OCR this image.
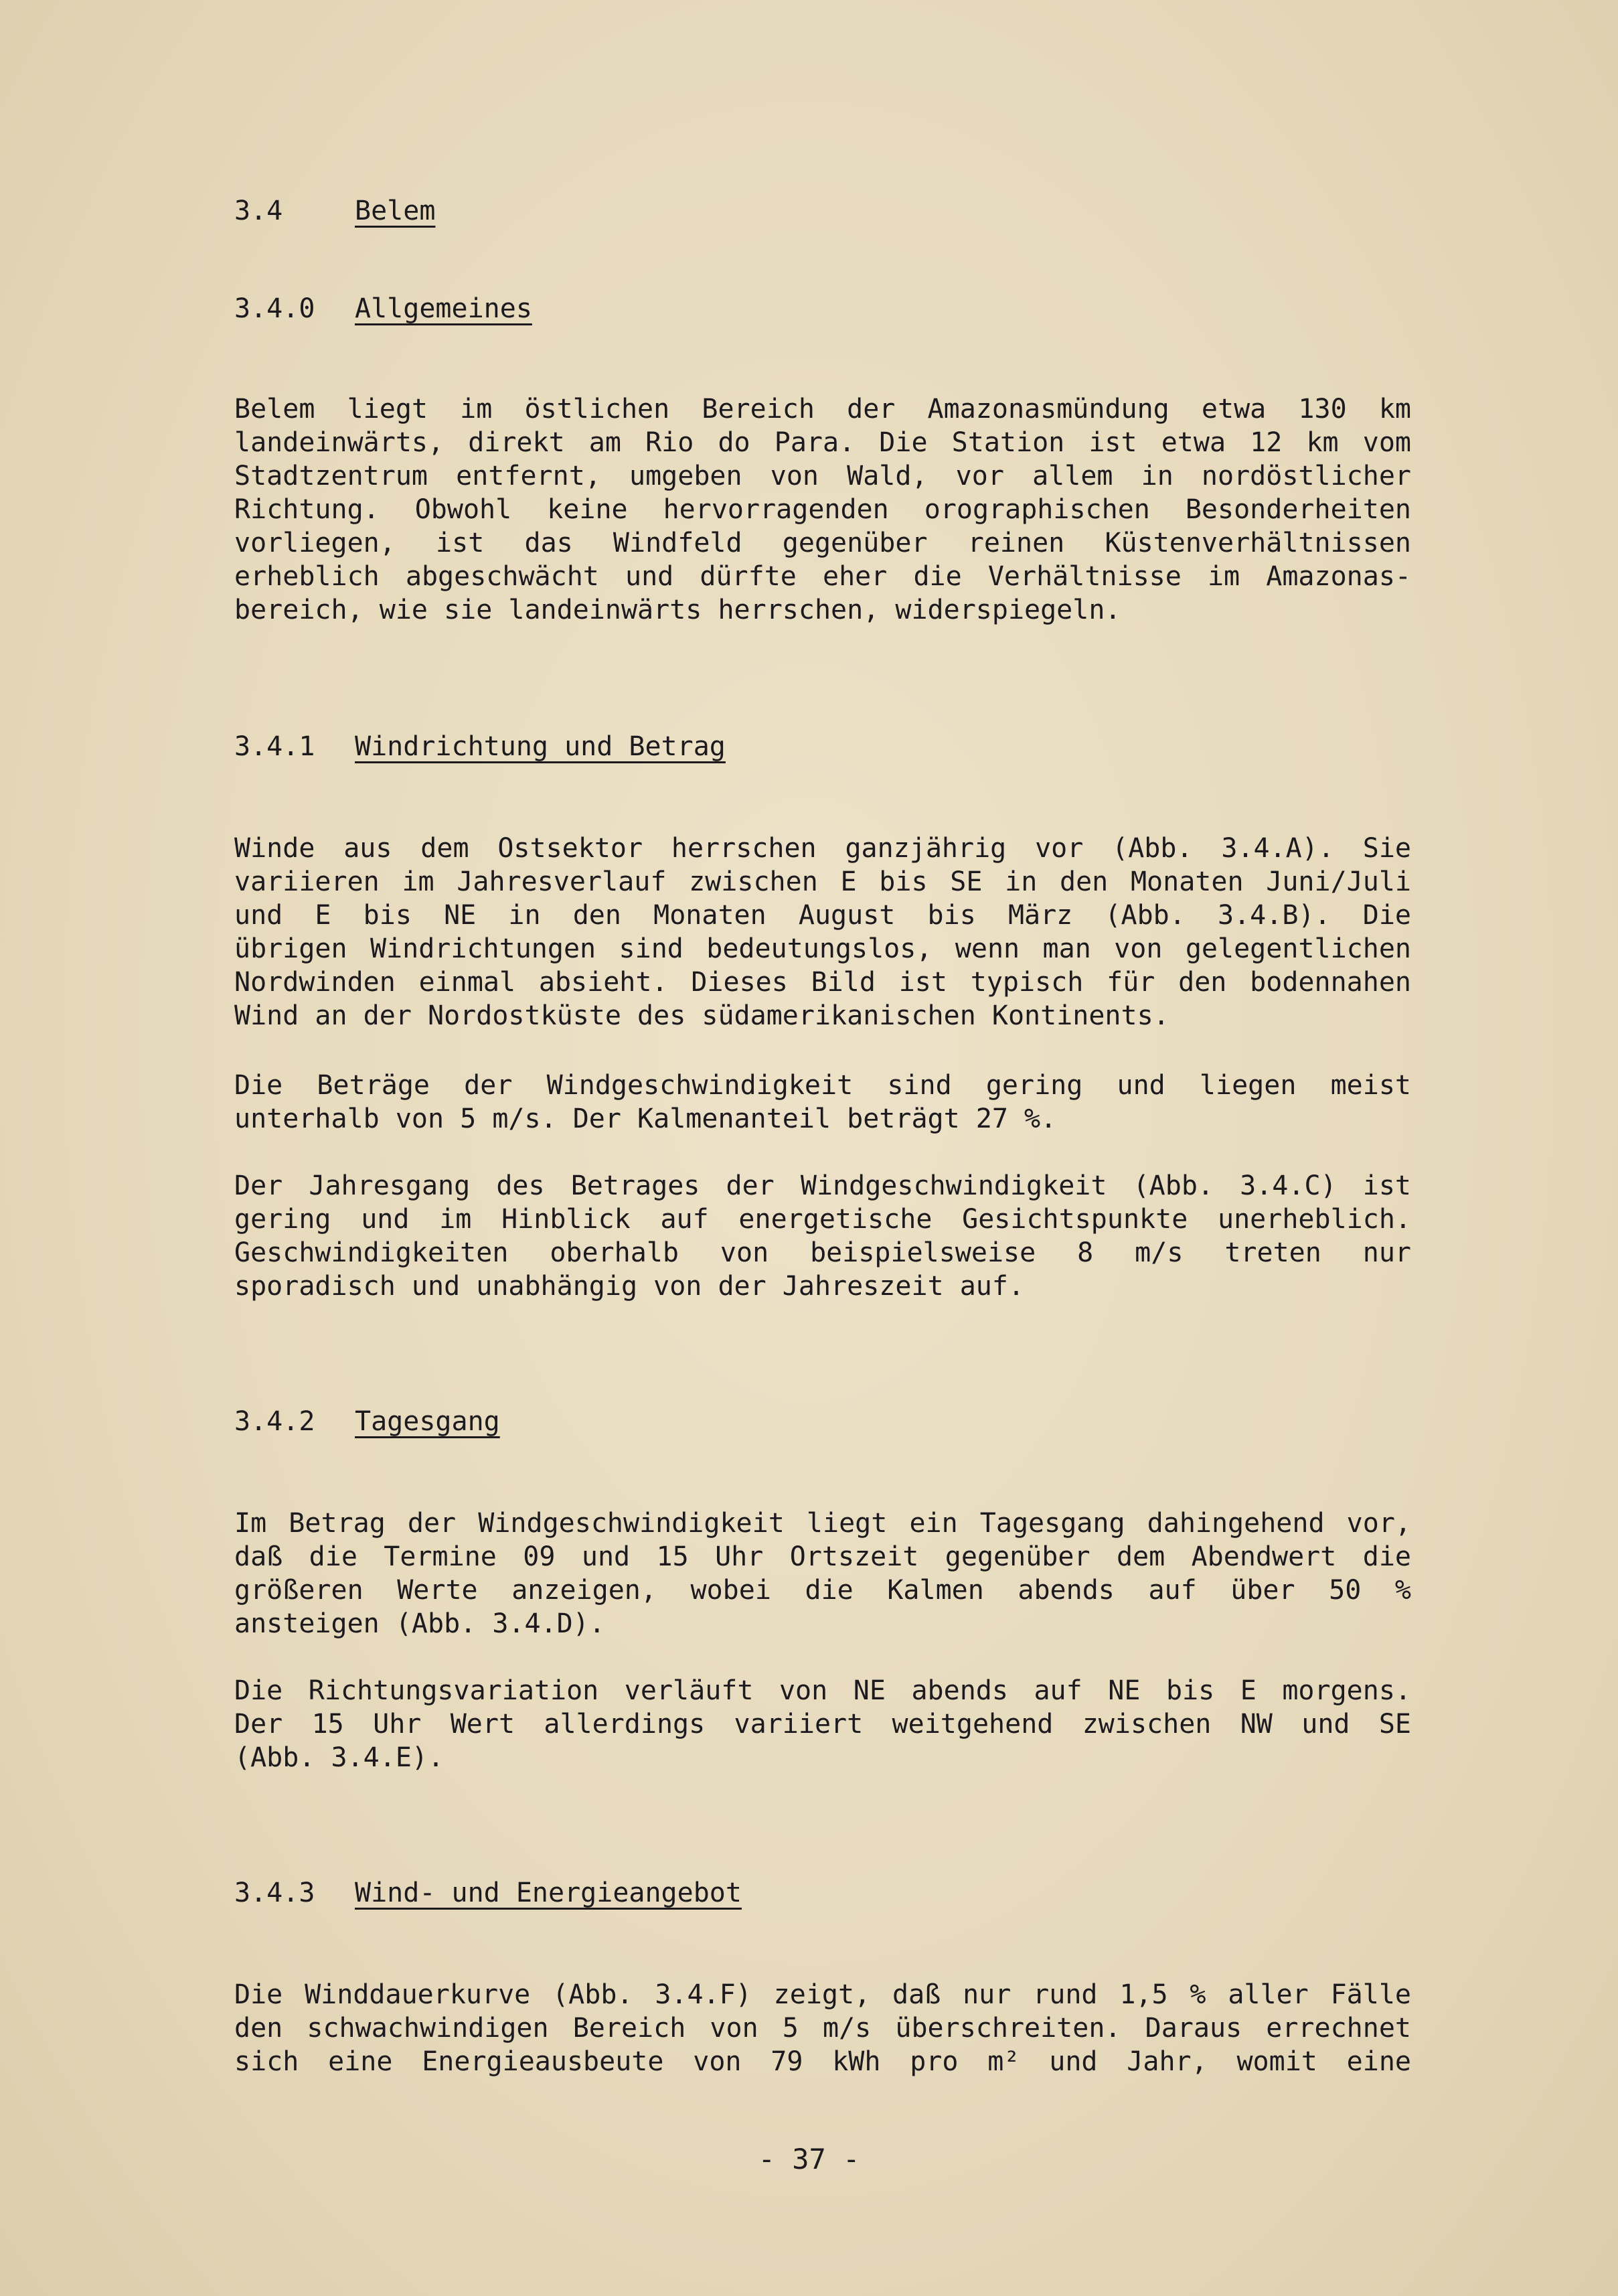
3.4	Belem
3.4.0 Allgemeines
Belem liegt im östlichen Bereich der Amazonasmündung etwa 130 km
landeinwärts, direkt am Rio do Para. Die Station ist etwa 12 km vom
Stadtzentrum entfernt, umgeben von Wald, vor allem in nordöstlicher
Richtung. Obwohl keine hervorragenden orographischen Besonderheiten
vorliegen, ist das Windfeld gegenüber reinen Küstenverhältnissen
erheblich abgeschwächt und dürfte eher die Verhältnisse im Amazonas-
bereich, wie sie landeinwärts herrschen, widerspiegeln.
3.4.1 Windrichtung und Betrag
Winde aus dem Ostsektor herrschen ganzjährig vor (Abb. 3.4.A). Sie
variieren im Jahresverlauf zwischen E bis SE in den Monaten Juni/Juli
und E bis NE in den Monaten August bis März (Abb. 3.4.B). Die
übrigen Windrichtungen sind bedeutungslos, wenn man von gelegentlichen
Nordwinden einmal absieht. Dieses Bild ist typisch für den bodennahen
Wind an der Nordostküste des südamerikanischen Kontinents.
Die Beträge der Windgeschwindigkeit sind gering und liegen meist
unterhalb von 5 m/s. Der Kalmenanteil beträgt 27 %.
Der Jahresgang des Betrages der Windgeschwindigkeit (Abb. 3.4.C) ist
gering und im Hinblick auf energetische Gesichtspunkte unerheblich.
Geschwindigkeiten oberhalb von beispielsweise 8 m/s treten nur
sporadisch und unabhängig von der Jahreszeit auf.
3.4.2 Tagesgang
Im Betrag der Windgeschwindigkeit liegt ein Tagesgang dahingehend vor,
daß die Termine 09 und 15 Uhr Ortszeit gegenüber dem Abendwert die
größeren Werte anzeigen, wobei die Kalmen abends auf über 50 %
ansteigen (Abb. 3.4.D).
Die Richtungsvariation verläuft von NE abends auf NE bis E morgens.
Der 15 Uhr Wert allerdings variiert weitgehend zwischen NW und SE
(Abb. 3.4.E).
3.4.3 Wind- und Energieangebot
Die Winddauerkurve (Abb. 3.4.F) zeigt, daß nur rund 1,5 % aller Fälle
den schwachwindigen Bereich von 5 m/s überschreiten. Daraus errechnet
sich eine Energieausbeute von 79 kWh pro m² und Jahr, womit eine
- 37 -
